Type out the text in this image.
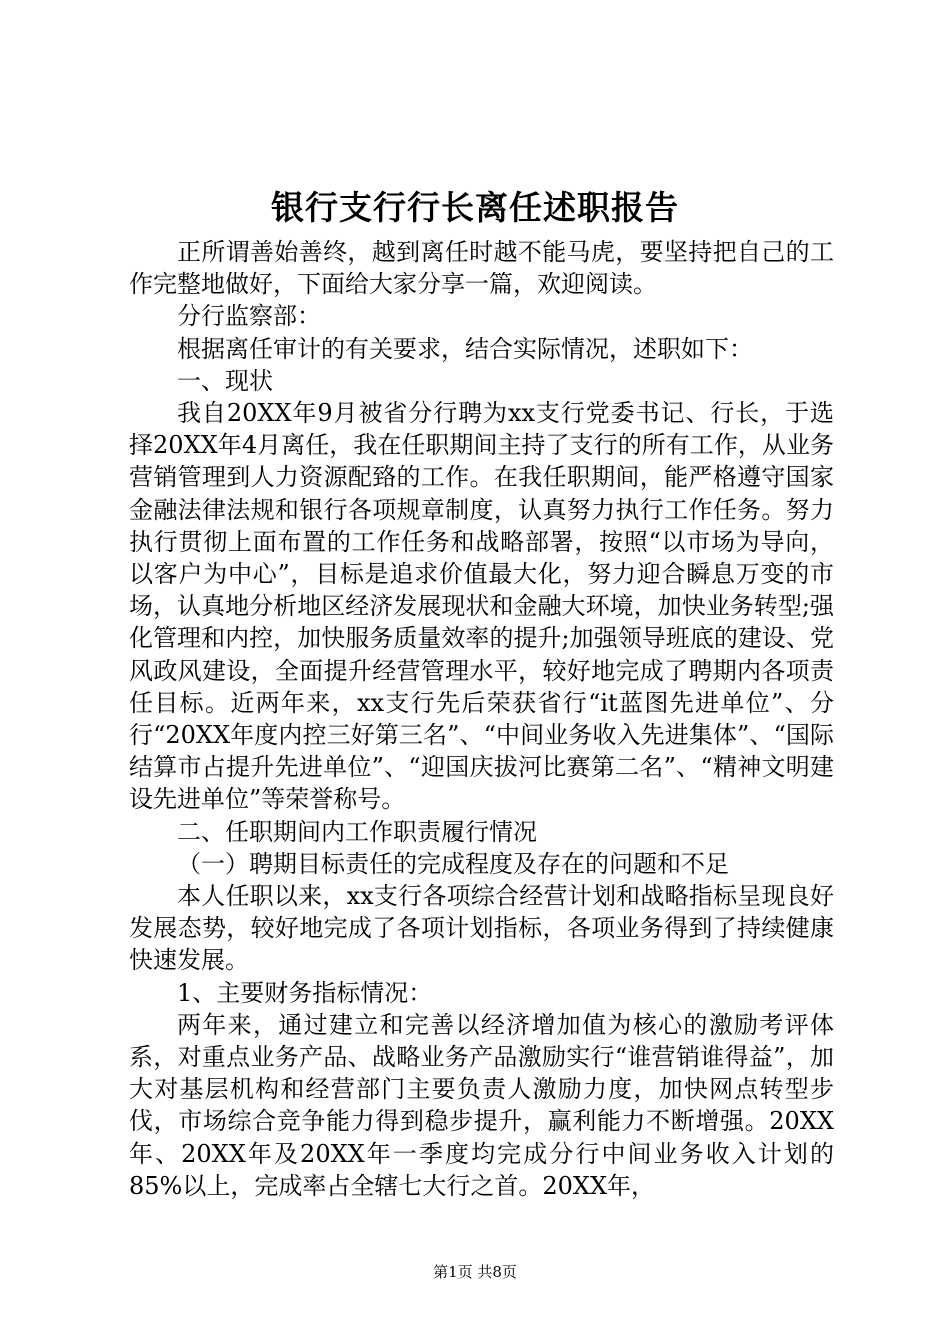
银行支行行长离任述职报告

正所谓善始善终，越到离任时越不能马虎，要坚持把自己的工作完整地做好，下面给大家分享一篇，欢迎阅读。

分行监察部：

根据离任审计的有关要求，结合实际情况，述职如下：

一、现状

我自20XX年9月被省分行聘为xx支行党委书记、行长，于选择20XX年4月离任，我在任职期间主持了支行的所有工作，从业务营销管理到人力资源配臵的工作。在我任职期间，能严格遵守国家金融法律法规和银行各项规章制度，认真努力执行工作任务。努力执行贯彻上面布置的工作任务和战略部署，按照“以市场为导向，以客户为中心”，目标是追求价值最大化，努力迎合瞬息万变的市场，认真地分析地区经济发展现状和金融大环境，加快业务转型;强化管理和内控，加快服务质量效率的提升;加强领导班底的建设、党风政风建设，全面提升经营管理水平，较好地完成了聘期内各项责任目标。近两年来，xx支行先后荣获省行“it蓝图先进单位”、分行“20XX年度内控三好第三名”、“中间业务收入先进集体”、“国际结算市占提升先进单位”、“迎国庆拔河比赛第二名”、“精神文明建设先进单位”等荣誉称号。

二、任职期间内工作职责履行情况

（一）聘期目标责任的完成程度及存在的问题和不足

本人任职以来，xx支行各项综合经营计划和战略指标呈现良好发展态势，较好地完成了各项计划指标，各项业务得到了持续健康快速发展。

1、主要财务指标情况：

两年来，通过建立和完善以经济增加值为核心的激励考评体系，对重点业务产品、战略业务产品激励实行“谁营销谁得益”，加大对基层机构和经营部门主要负责人激励力度，加快网点转型步伐，市场综合竞争能力得到稳步提升，赢利能力不断增强。20XX年、20XX年及20XX年一季度均完成分行中间业务收入计划的85%以上，完成率占全辖七大行之首。20XX年，

第1页 共8页
